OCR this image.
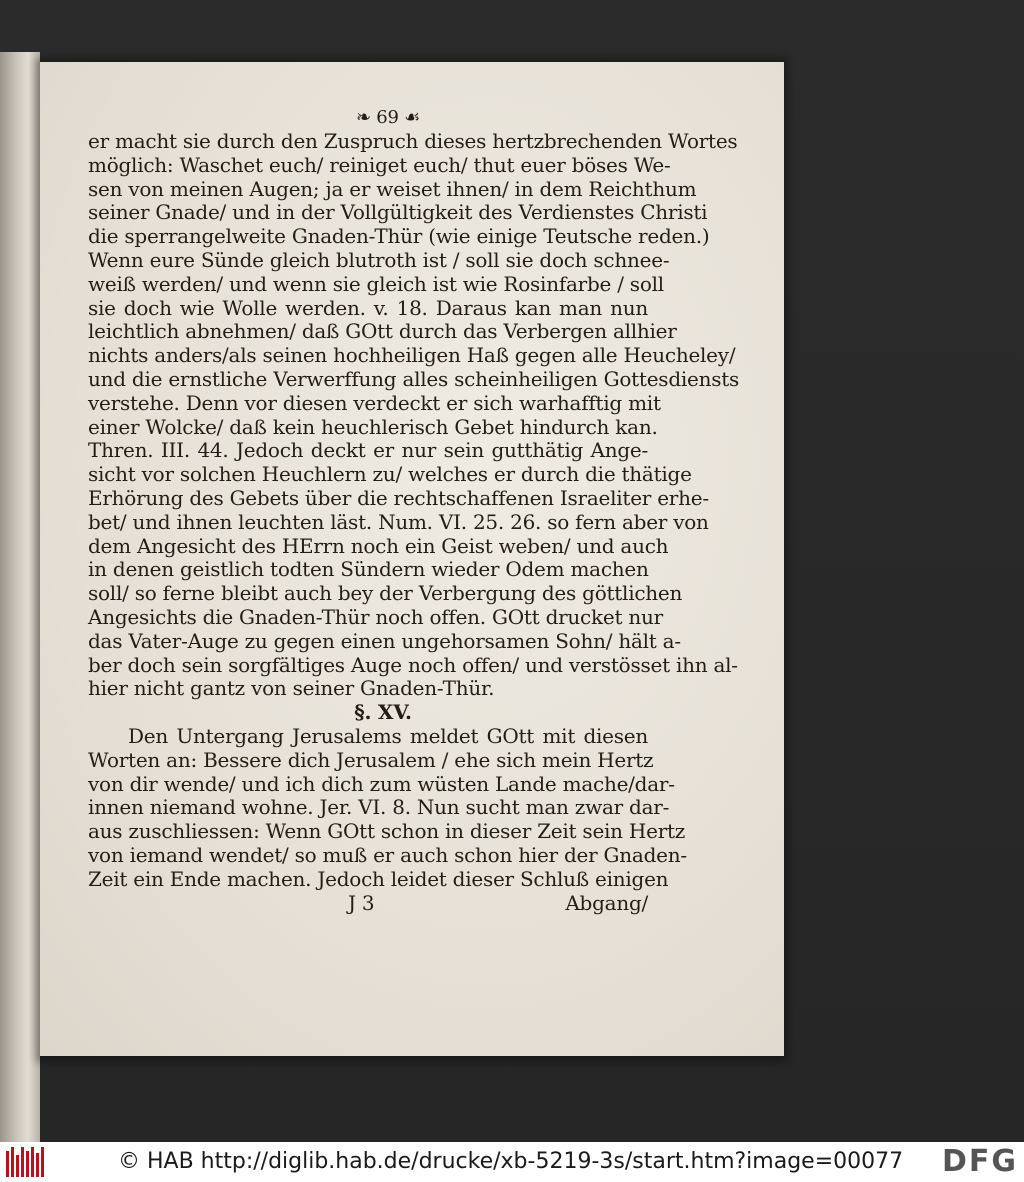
❧ 69 ☙
er macht sie durch den Zuspruch dieses hertzbrechenden Wortes
möglich: Waschet euch/ reiniget euch/ thut euer böses We-
sen von meinen Augen; ja er weiset ihnen/ in dem Reichthum
seiner Gnade/ und in der Vollgültigkeit des Verdienstes Christi
die sperrangelweite Gnaden-Thür (wie einige Teutsche reden.)
Wenn eure Sünde gleich blutroth ist / soll sie doch schnee-
weiß werden/ und wenn sie gleich ist wie Rosinfarbe / soll
sie doch wie Wolle werden. v. 18. Daraus kan man nun
leichtlich abnehmen/ daß GOtt durch das Verbergen allhier
nichts anders/als seinen hochheiligen Haß gegen alle Heucheley/
und die ernstliche Verwerffung alles scheinheiligen Gottesdiensts
verstehe. Denn vor diesen verdeckt er sich warhafftig mit
einer Wolcke/ daß kein heuchlerisch Gebet hindurch kan.
Thren. III. 44. Jedoch deckt er nur sein gutthätig Ange-
sicht vor solchen Heuchlern zu/ welches er durch die thätige
Erhörung des Gebets über die rechtschaffenen Israeliter erhe-
bet/ und ihnen leuchten läst. Num. VI. 25. 26. so fern aber von
dem Angesicht des HErrn noch ein Geist weben/ und auch
in denen geistlich todten Sündern wieder Odem machen
soll/ so ferne bleibt auch bey der Verbergung des göttlichen
Angesichts die Gnaden-Thür noch offen. GOtt drucket nur
das Vater-Auge zu gegen einen ungehorsamen Sohn/ hält a-
ber doch sein sorgfältiges Auge noch offen/ und verstösset ihn al-
hier nicht gantz von seiner Gnaden-Thür.
§. XV.
Den Untergang Jerusalems meldet GOtt mit diesen
Worten an: Bessere dich Jerusalem / ehe sich mein Hertz
von dir wende/ und ich dich zum wüsten Lande mache/dar-
innen niemand wohne. Jer. VI. 8. Nun sucht man zwar dar-
aus zuschliessen: Wenn GOtt schon in dieser Zeit sein Hertz
von iemand wendet/ so muß er auch schon hier der Gnaden-
Zeit ein Ende machen. Jedoch leidet dieser Schluß einigen
J 3	Abgang/
© HAB http://diglib.hab.de/drucke/xb-5219-3s/start.htm?image=00077 DFG
